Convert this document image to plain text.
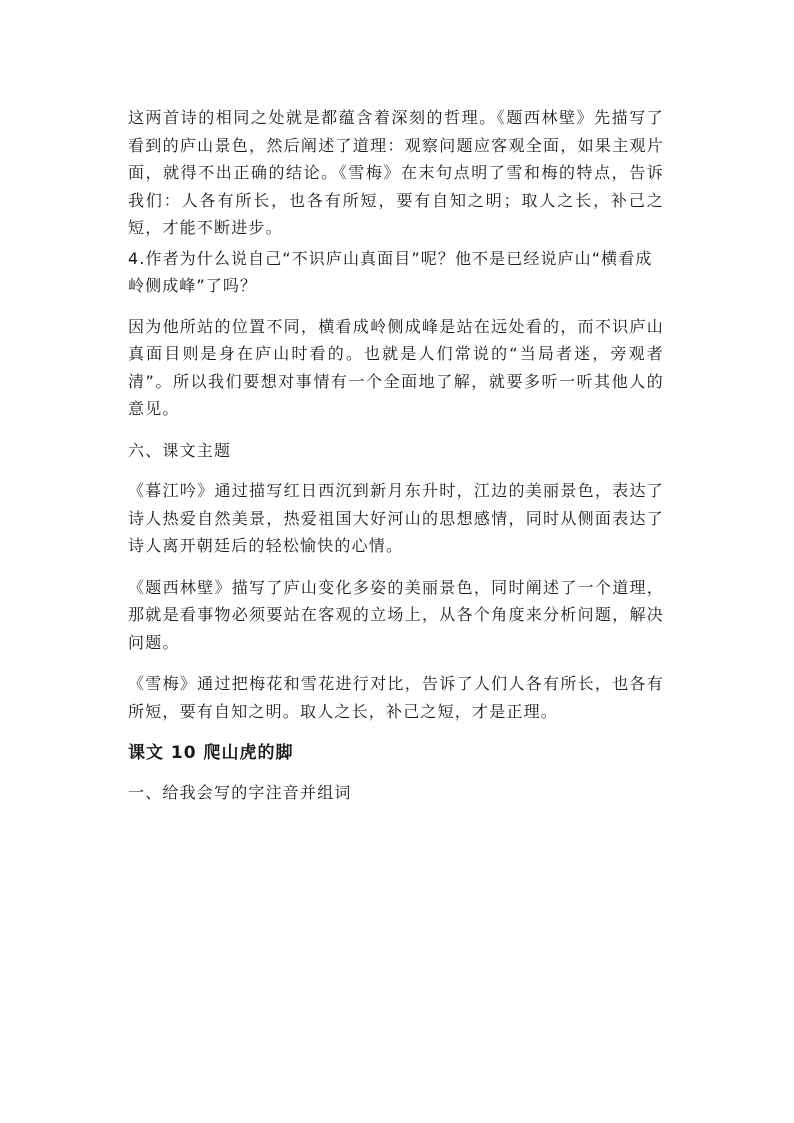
这两首诗的相同之处就是都蕴含着深刻的哲理。《题西林壁》先描写了看到的庐山景色，然后阐述了道理：观察问题应客观全面，如果主观片面，就得不出正确的结论。《雪梅》在末句点明了雪和梅的特点，告诉我们：人各有所长，也各有所短，要有自知之明；取人之长，补己之短，才能不断进步。

4.作者为什么说自己“不识庐山真面目”呢？他不是已经说庐山“横看成岭侧成峰”了吗？

因为他所站的位置不同，横看成岭侧成峰是站在远处看的，而不识庐山真面目则是身在庐山时看的。也就是人们常说的“当局者迷，旁观者清”。所以我们要想对事情有一个全面地了解，就要多听一听其他人的意见。

六、课文主题

《暮江吟》通过描写红日西沉到新月东升时，江边的美丽景色，表达了诗人热爱自然美景，热爱祖国大好河山的思想感情，同时从侧面表达了诗人离开朝廷后的轻松愉快的心情。

《题西林壁》描写了庐山变化多姿的美丽景色，同时阐述了一个道理，那就是看事物必须要站在客观的立场上，从各个角度来分析问题，解决问题。

《雪梅》通过把梅花和雪花进行对比，告诉了人们人各有所长，也各有所短，要有自知之明。取人之长，补己之短，才是正理。

课文 10 爬山虎的脚

一、给我会写的字注音并组词
